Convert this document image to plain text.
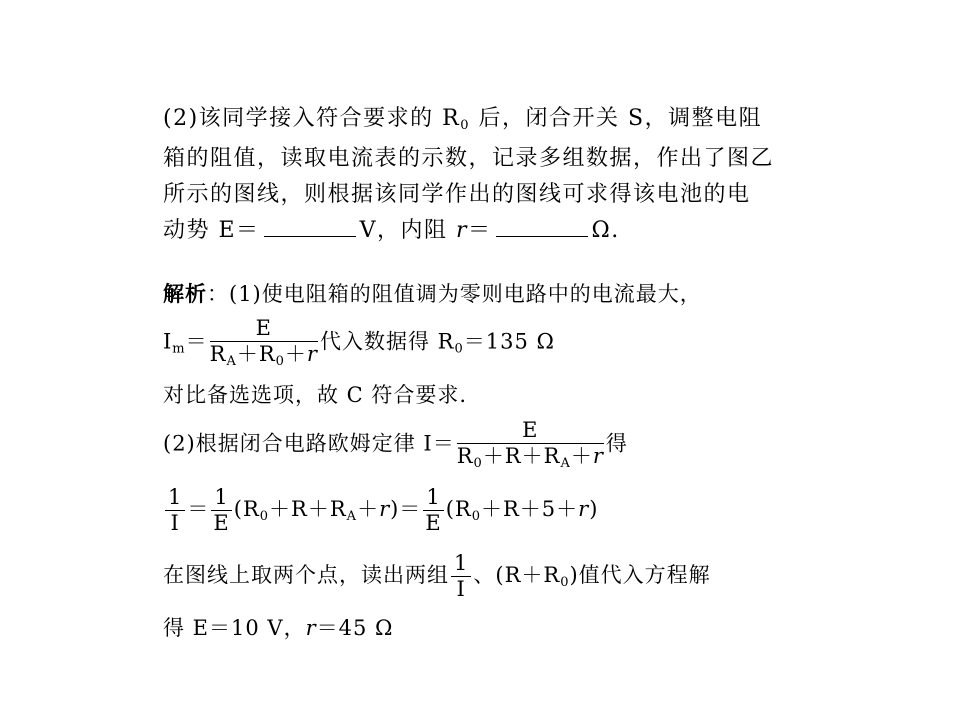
(2)该同学接入符合要求的 $R_0$ 后，闭合开关 S，调整电阻
箱的阻值，读取电流表的示数，记录多组数据，作出了图乙
所示的图线，则根据该同学作出的图线可求得该电池的电
动势 E＝	V，内阻 r＝	Ω.
解析：(1)使电阻箱的阻值调为零则电路中的电流最大，
$I_m= \frac{E}{R_A+R_0+r}$ 代入数据得 $R_0=135$ Ω
对比备选选项，故 C 符合要求.
(2)根据闭合电路欧姆定律 $I= \frac{E}{R_0+R+R_A+r}$ 得
$\frac{1}{I} = \frac{1}{E} (R_0+R+R_A+r)= \frac{1}{E} (R_0+R+5+r)$
在图线上取两个点，读出两组 $\frac{1}{I}$ 、$(R+R_0)$值代入方程解
得 E＝10 V，r＝45 Ω
